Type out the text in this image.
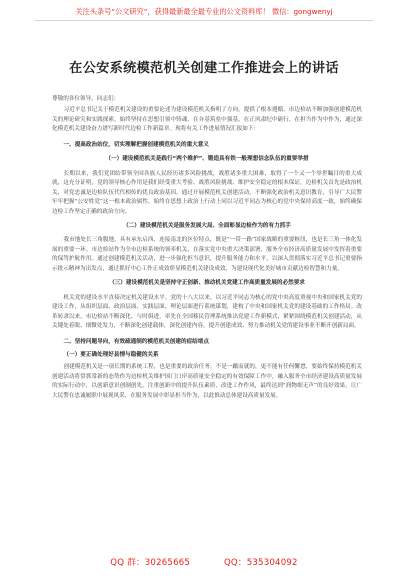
关注头条号“公文研究”，获得最新最全最专业的公文资料库！ 微信：gongwenyj
在公安系统模范机关创建工作推进会上的讲话

尊敬的各位领导，同志们：

习近平总书记关于模范机关建设的重要论述为建设模范机关指明了方向，提供了根本遵循。市边检站不断加强创建模范机关的理论研究和实践探索，始终坚持在思想引领中铸魂、在夯基筑垒中强基、在正风肃纪中砺行、在担当作为中作为，通过深化模范机关建设奋力谱写新时代边检工作新篇章。现将有关工作进展情况汇报如下：

一、提高政治站位，切实理解把握创建模范机关的重大意义

（一）建设模范机关是践行“两个维护”、锻造具有铁一般理想信念队伍的重要举措

长期以来，我们党团结带领全国各族人民经历诸多风险挑战，战胜诸多重大困难，取得了一个又一个举世瞩目的重大成就，这充分证明，党的领导核心作用是我们经受重大考验、战胜风险挑战、维护安全稳定的根本保证。边检机关首先是政治机关，对党忠诚是边检队伍代代相传的优良政治基因。通过开展模范机关创建活动，不断强化政治机关意识教育，引导广大民警牢牢把握“公安姓党”这一根本政治属性，始终在思想上政治上行动上同以习近平同志为核心的党中央保持高度一致，始终确保边检工作坚定正确的政治方向。

（二）建设模范机关是服务发展大局、全面彰显边检作为的有力抓手

我市地处长三角腹地，具有承东启西、连接南北的区位特点，既是“一带一路”国家战略的重要枢纽，也是长三角一体化发展的重要一环。市边检站作为全市边检系统的领率机关，在落实党中央重大决策部署、服务全市经济高质量发展中发挥着重要的保驾护航作用。通过创建模范机关活动，进一步强化担当意识，提升服务能力和水平，以深入贯彻落实习近平总书记重要指示批示精神为出发点，通过抓好中心工作正成效彰显模范机关建设成效，为建设现代化美好城市贡献边检智慧和力量。

（三）建设模范机关是坚持守正创新、推动机关党建工作高质量发展的必然要求

机关党的建设水平直接决定机关建设水平。党的十八大以来，以习近平同志为核心的党中央高度重视中央和国家机关党的建设工作，从组织层面、政治层面、实践层面、理论层面进行系统谋划，建构了中央和国家机关党的建设基础的工作格局。改革转隶以来，市边检站不断深化、与时俱进，率先在全国移民管理系统推出党建工作新模式，紧紧围绕模范机关创建活动，从关键处着眼、细微处发力，不断深化创建载体，深化创建内容，提升创建成效、努力推动机关党的建设事业不断开创新局面。

二、坚持问题导向，有效疏通制约模范机关创建的症结堵点

（一）要正确处理好县情与稳健的关系

创建模范机关是一项长期的系统工程，也是重要的政治任务。不是一蹴而就的，更不能有任何懈怠，要始终保持模范机关创建活动将常抓常新的态势作为边检机关维护国门口岸高质量安全稳定的有效保障工作中，融入服务全市经济建设高质量发展的实际行动中，以创新意识创制创先，注重创新中的提升队伍素质，改进工作作风，最终达到“润物细无声”的良好效果，让广大民警在忠诚履职中展现风采，在服务发展中彰显担当作为，以此推动总体建设高质量发展。

QQ 群：30265665	QQ：535304092
